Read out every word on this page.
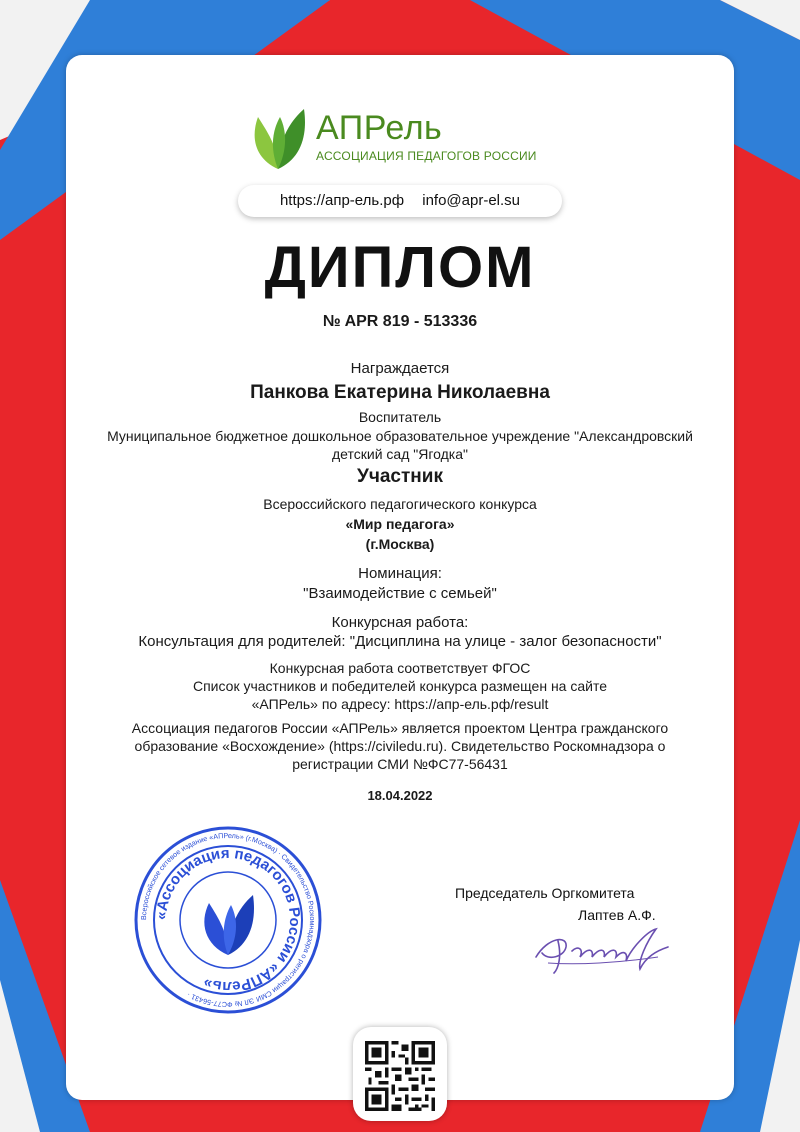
АПРель
АССОЦИАЦИЯ ПЕДАГОГОВ РОССИИ
https://апр-ель.рф info@apr-el.su
ДИПЛОМ
№ APR 819 - 513336
Награждается
Панкова Екатерина Николаевна
Воспитатель
Муниципальное бюджетное дошкольное образовательное учреждение "Александровский
детский сад "Ягодка"
Участник
Всероссийского педагогического конкурса
«Мир педагога»
(г.Москва)
Номинация:
"Взаимодействие с семьей"
Конкурсная работа:
Консультация для родителей: "Дисциплина на улице - залог безопасности"
Конкурсная работа соответствует ФГОС
Список участников и победителей конкурса размещен на сайте
«АПРель» по адресу: https://апр-ель.рф/result
Ассоциация педагогов России «АПРель» является проектом Центра гражданского
образование «Восхождение» (https://civiledu.ru). Свидетельство Роскомнадзора о
регистрации СМИ №ФС77-56431
18.04.2022
Всероссийское сетевое издание «АПРель» (г.Москва) · Свидетельство Роскомнадзора о регистрации СМИ ЭЛ № ФС77-56431 ·
«Ассоциация педагогов России «АПРель»
Председатель Оргкомитета
Лаптев А.Ф.
